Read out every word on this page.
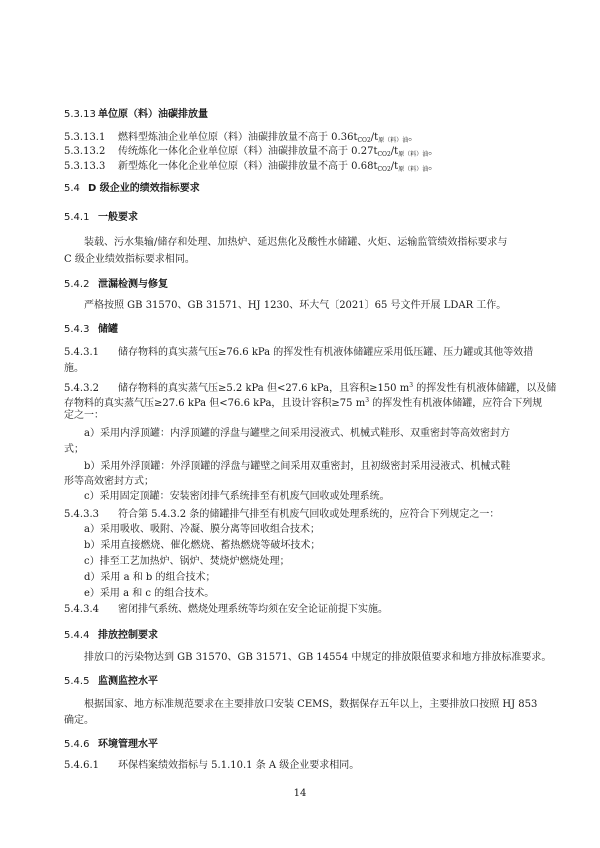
5.3.13 单位原（料）油碳排放量
5.3.13.1 燃料型炼油企业单位原（料）油碳排放量不高于 $0.36t_{CO2}/t_{原(料)油}$。
5.3.13.2 传统炼化一体化企业单位原（料）油碳排放量不高于 $0.27t_{CO2}/t_{原(料)油}$。
5.3.13.3 新型炼化一体化企业单位原（料）油碳排放量不高于 $0.68t_{CO2}/t_{原(料)油}$。
5.4 D 级企业的绩效指标要求
5.4.1 一般要求
装载、污水集输/储存和处理、加热炉、延迟焦化及酸性水储罐、火炬、运输监管绩效指标要求与
C 级企业绩效指标要求相同。
5.4.2 泄漏检测与修复
严格按照 GB 31570、GB 31571、HJ 1230、环大气〔2021〕65 号文件开展 LDAR 工作。
5.4.3 储罐
5.4.3.1 储存物料的真实蒸气压≥76.6 kPa 的挥发性有机液体储罐应采用低压罐、压力罐或其他等效措
施。
5.4.3.2 储存物料的真实蒸气压≥5.2 kPa 但<27.6 kPa，且容积≥150 $m^3$ 的挥发性有机液体储罐，以及储
存物料的真实蒸气压≥27.6 kPa 但<76.6 kPa，且设计容积≥75 $m^3$ 的挥发性有机液体储罐，应符合下列规
定之一：
a）采用内浮顶罐：内浮顶罐的浮盘与罐壁之间采用浸液式、机械式鞋形、双重密封等高效密封方
式；
b）采用外浮顶罐：外浮顶罐的浮盘与罐壁之间采用双重密封，且初级密封采用浸液式、机械式鞋
形等高效密封方式；
c）采用固定顶罐：安装密闭排气系统排至有机废气回收或处理系统。
5.4.3.3 符合第 5.4.3.2 条的储罐排气排至有机废气回收或处理系统的，应符合下列规定之一：
a）采用吸收、吸附、冷凝、膜分离等回收组合技术；
b）采用直接燃烧、催化燃烧、蓄热燃烧等破坏技术；
c）排至工艺加热炉、锅炉、焚烧炉燃烧处理；
d）采用 a 和 b 的组合技术；
e）采用 a 和 c 的组合技术。
5.4.3.4 密闭排气系统、燃烧处理系统等均须在安全论证前提下实施。
5.4.4 排放控制要求
排放口的污染物达到 GB 31570、GB 31571、GB 14554 中规定的排放限值要求和地方排放标准要求。
5.4.5 监测监控水平
根据国家、地方标准规范要求在主要排放口安装 CEMS，数据保存五年以上，主要排放口按照 HJ 853
确定。
5.4.6 环境管理水平
5.4.6.1 环保档案绩效指标与 5.1.10.1 条 A 级企业要求相同。
14
